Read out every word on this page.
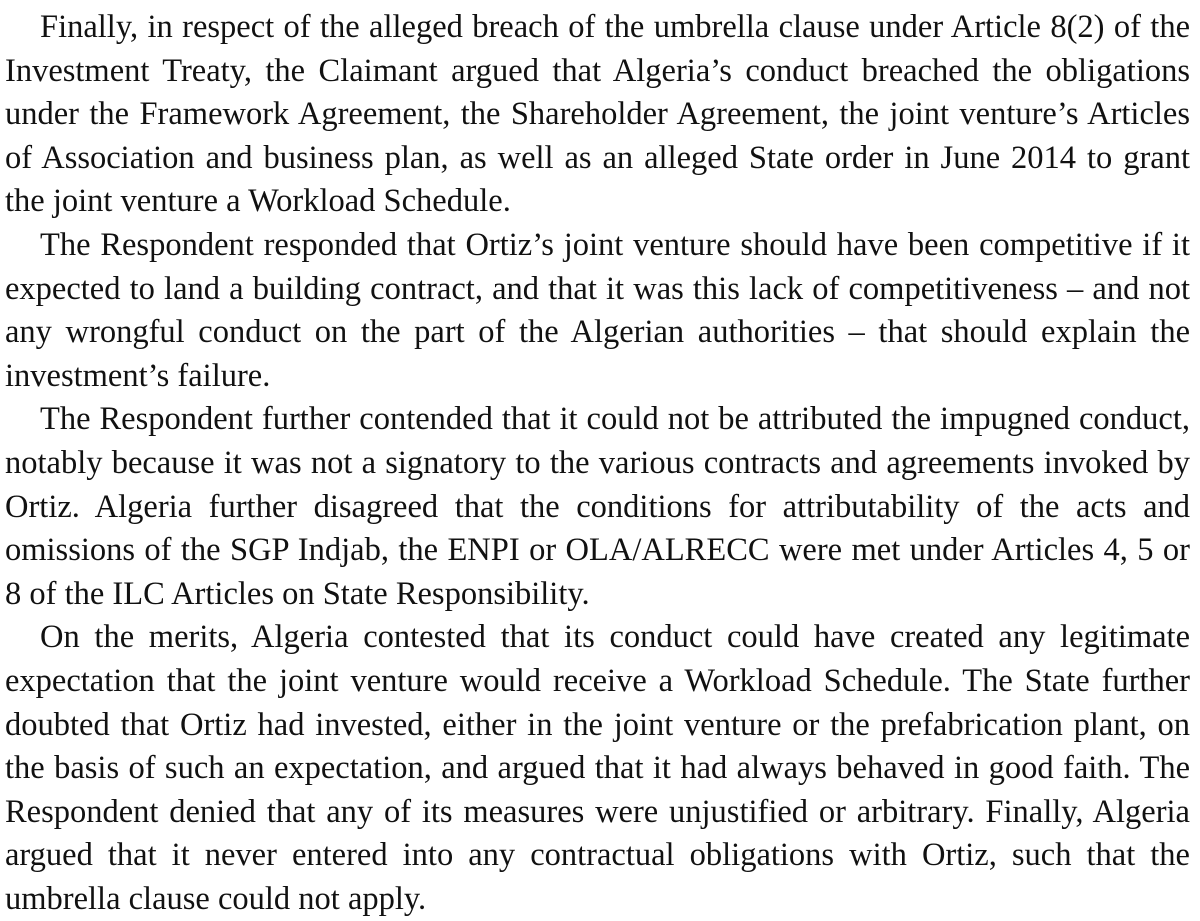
Finally, in respect of the alleged breach of the umbrella clause under Article 8(2) of the Investment Treaty, the Claimant argued that Algeria’s conduct breached the obligations under the Framework Agreement, the Shareholder Agreement, the joint venture’s Articles of Association and business plan, as well as an alleged State order in June 2014 to grant the joint venture a Workload Schedule.

The Respondent responded that Ortiz’s joint venture should have been competitive if it expected to land a building contract, and that it was this lack of competitiveness – and not any wrongful conduct on the part of the Algerian authorities – that should explain the investment’s failure.

The Respondent further contended that it could not be attributed the impugned conduct, notably because it was not a signatory to the various contracts and agreements invoked by Ortiz. Algeria further disagreed that the conditions for attributability of the acts and omissions of the SGP Indjab, the ENPI or OLA/ALRECC were met under Articles 4, 5 or 8 of the ILC Articles on State Responsibility.

On the merits, Algeria contested that its conduct could have created any legitimate expectation that the joint venture would receive a Workload Schedule. The State further doubted that Ortiz had invested, either in the joint venture or the prefabrication plant, on the basis of such an expectation, and argued that it had always behaved in good faith. The Respondent denied that any of its measures were unjustified or arbitrary. Finally, Algeria argued that it never entered into any contractual obligations with Ortiz, such that the umbrella clause could not apply.
